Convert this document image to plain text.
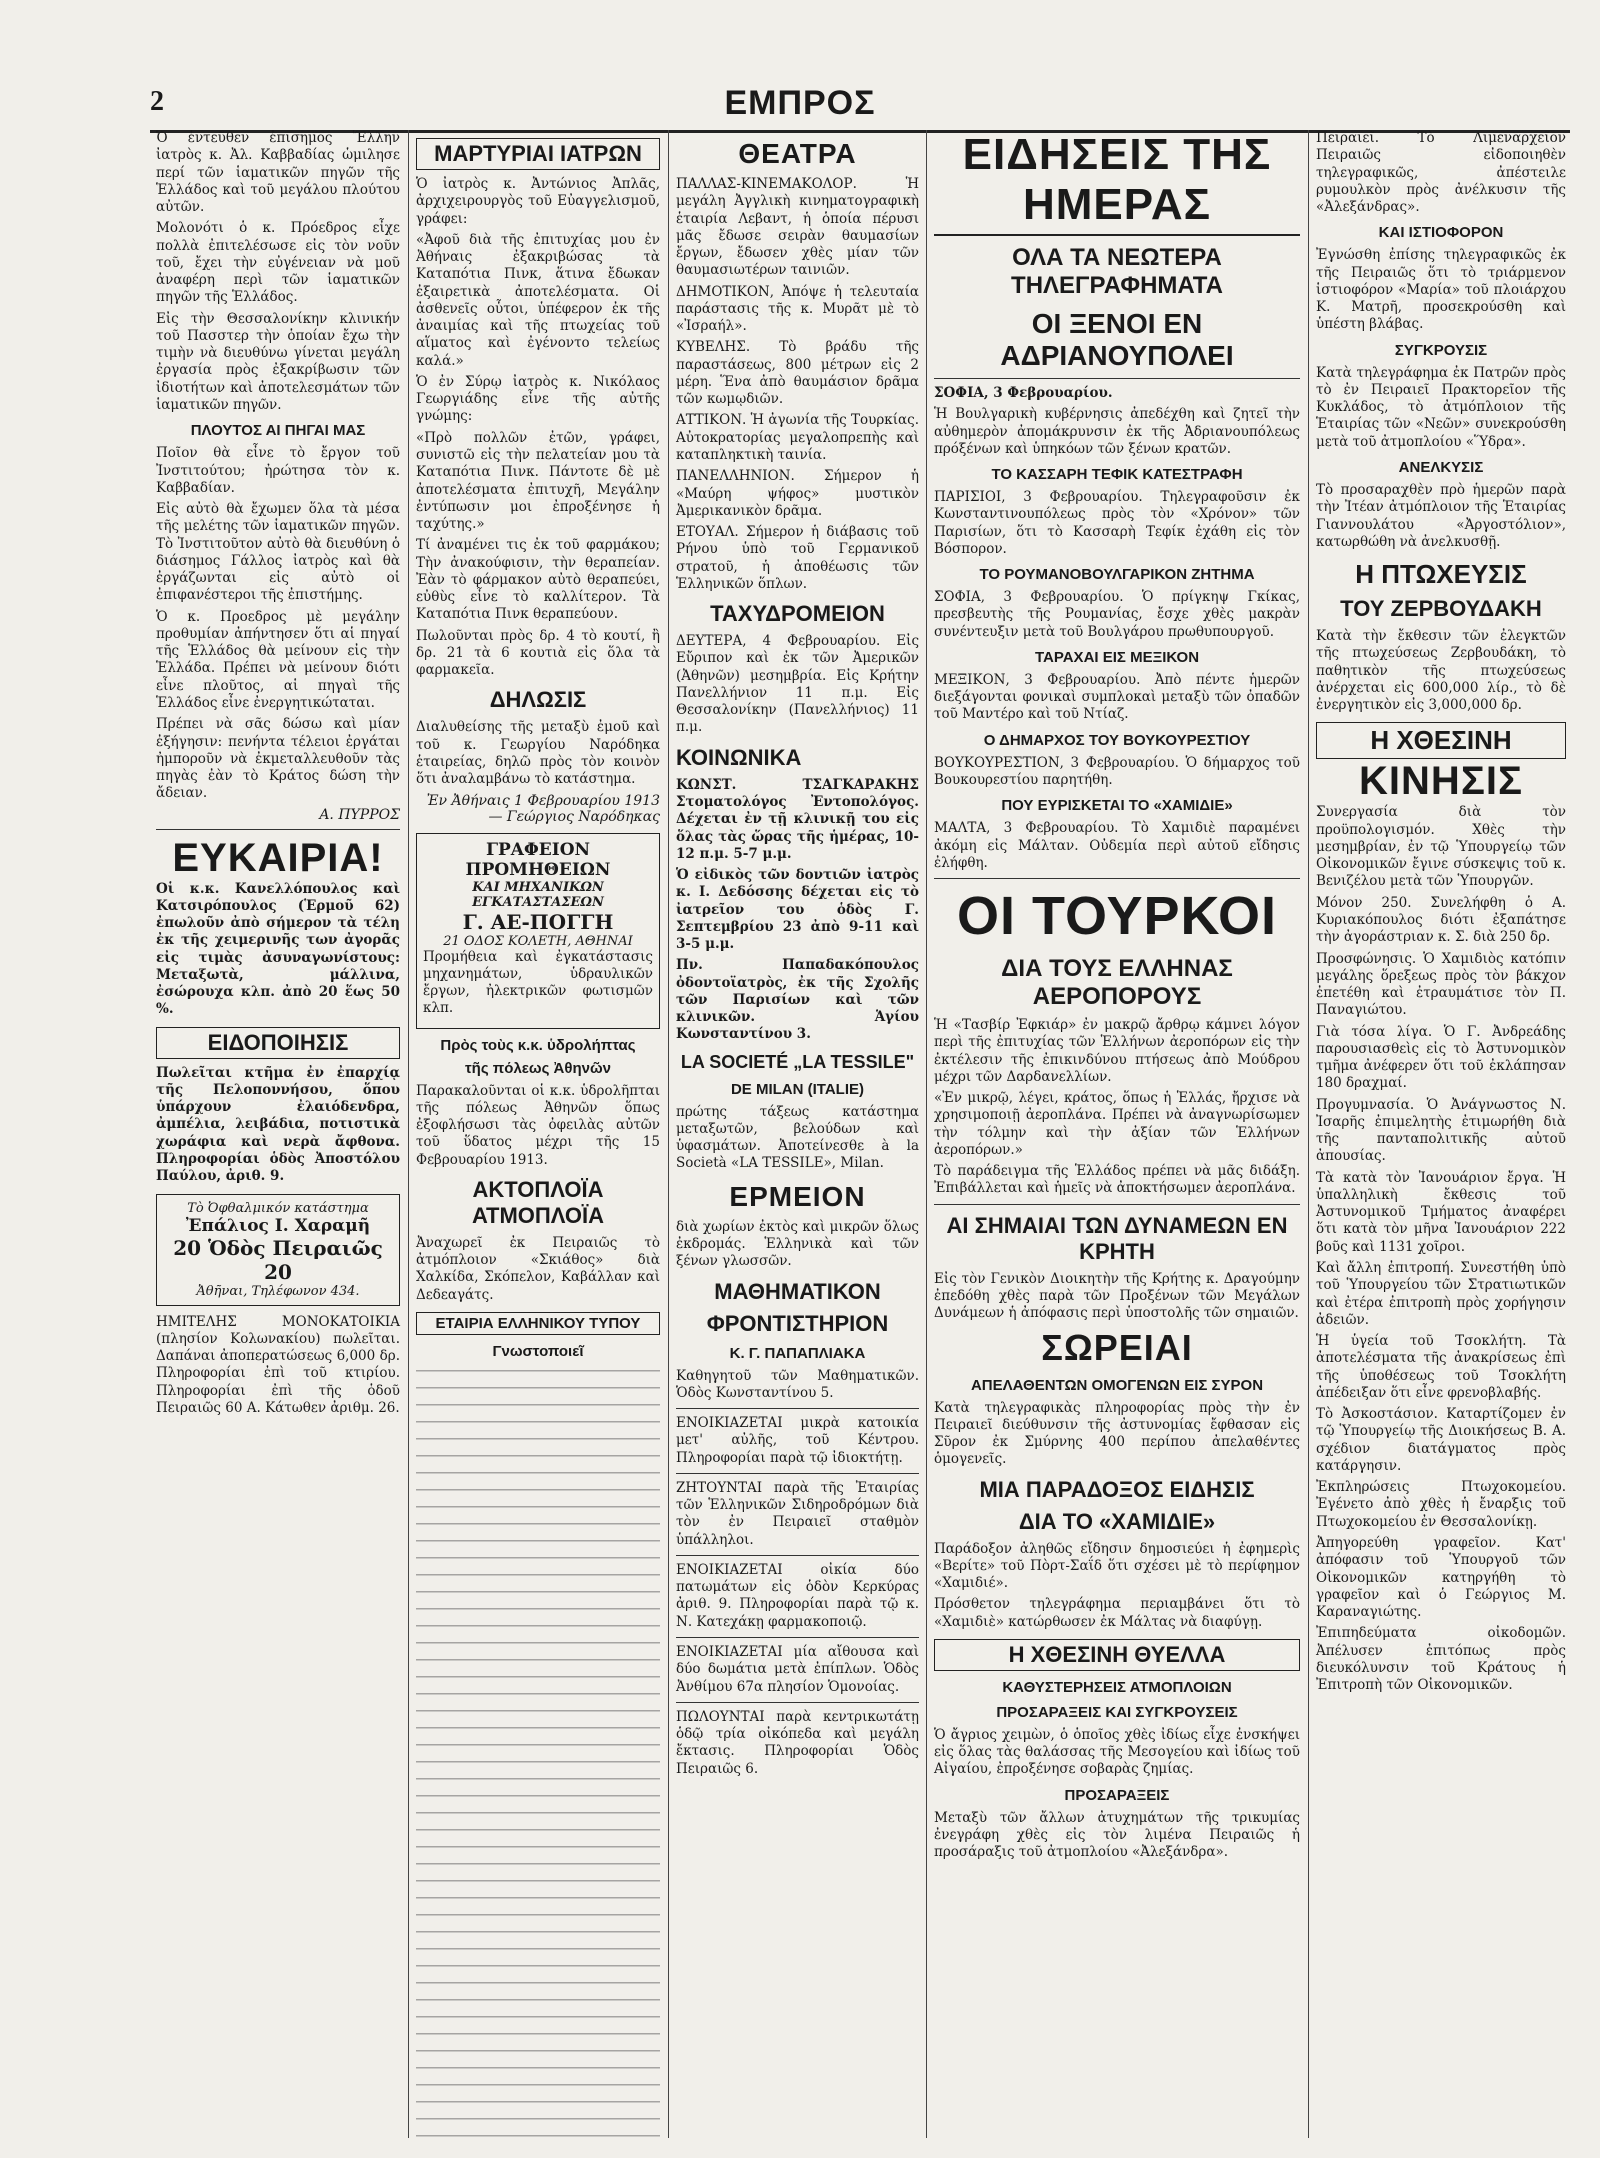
2	ΕΜΠΡΟΣ

Ὁ ἐντεῦθεν ἐπισημος Ἕλλην ἰατρὸς κ. Ἀλ. Καββαδίας ὡμιλησε περί τῶν ἱαματικῶν πηγῶν τῆς Ἑλλάδος καὶ τοῦ μεγάλου πλούτου αὐτῶν.

Μολονότι ὁ κ. Πρόεδρος εἶχε πολλὰ ἐπιτελέσωσε εἰς τὸν νοῦν τοῦ, ἔχει τὴν εὐγένειαν νὰ μοῦ ἀναφέρη περὶ τῶν ἱαματικῶν πηγῶν τῆς Ἑλλάδος.

Εἰς τὴν Θεσσαλονίκην κλινικήν τοῦ Πασστερ τὴν ὁποίαν ἔχω τὴν τιμὴν νὰ διευθύνω γίνεται μεγάλη ἐργασία πρὸς ἐξακρίβωσιν τῶν ἰδιοτήτων καὶ ἀποτελεσμάτων τῶν ἱαματικῶν πηγῶν.

ΠΛΟΥΤΟΣ ΑΙ ΠΗΓΑΙ ΜΑΣ

Ποῖον θὰ εἶνε τὸ ἔργον τοῦ Ἰνστιτούτου; ἠρώτησα τὸν κ. Καββαδίαν.

Εἰς αὐτὸ θὰ ἔχωμεν ὅλα τὰ μέσα τῆς μελέτης τῶν ἱαματικῶν πηγῶν. Τὸ Ἰνστιτοῦτον αὐτὸ θὰ διευθύνη ὁ διάσημος Γάλλος ἰατρὸς καὶ θὰ ἐργάζωνται εἰς αὐτὸ οἱ ἐπιφανέστεροι τῆς ἐπιστήμης.

Ὁ κ. Προεδρος μὲ μεγάλην προθυμίαν ἀπήντησεν ὅτι αἱ πηγαί τῆς Ἑλλάδος θὰ μείνουν εἰς τὴν Ἑλλάδα. Πρέπει νὰ μείνουν διότι εἶνε πλοῦτος, αἱ πηγαὶ τῆς Ἑλλάδος εἶνε ἐνεργητικώταται.

Πρέπει νὰ σᾶς δώσω καὶ μίαν ἐξήγησιν: πενήντα τέλειοι ἐργάται ἠμποροῦν νὰ ἐκμεταλλευθοῦν τὰς πηγὰς ἐὰν τὸ Κράτος δώση τὴν ἄδειαν.

Α. ΠΥΡΡΟΣ
ΕΥΚΑΙΡΙΑ!

Οἱ κ.κ. Κανελλόπουλος καὶ Κατσιρόπουλος (Ἑρμοῦ 62) ἐπωλοῦν ἀπὸ σήμερον τὰ τέλη ἐκ τῆς χειμερινῆς των ἀγορᾶς εἰς τιμὰς ἀσυναγωνίστους: Μεταξωτὰ, μάλλινα, ἐσώρουχα κλπ. ἀπὸ 20 ἕως 50 %.

ΕΙΔΟΠΟΙΗΣΙΣ

Πωλεῖται κτῆμα ἐν ἐπαρχίᾳ τῆς Πελοποννήσου, ὅπου ὑπάρχουν ἐλαιόδενδρα, ἀμπέλια, λειβάδια, ποτιστικὰ χωράφια καὶ νερὰ ἄφθονα. Πληροφορίαι ὁδὸς Ἀποστόλου Παύλου, ἀριθ. 9.

Τὸ Ὀφθαλμικόν κατάστημα
Ἐπάλιος Ι. Χαραμῆ
20 Ὁδὸς Πειραιῶς 20
Ἀθῆναι, Τηλέφωνον 434.

ΗΜΙΤΕΛΗΣ ΜΟΝΟΚΑΤΟΙΚΙΑ (πλησίον Κολωνακίου) πωλεῖται. Δαπάναι ἀποπερατώσεως 6,000 δρ. Πληροφορίαι ἐπὶ τοῦ κτιρίου. Πληροφορίαι ἐπὶ τῆς ὁδοῦ Πειραιῶς 60 Α. Κάτωθεν ἀριθμ. 26.

ΜΑΡΤΥΡΙΑΙ ΙΑΤΡΩΝ

Ὁ ἰατρὸς κ. Ἀντώνιος Ἀπλᾶς, ἀρχιχειρουργὸς τοῦ Εὐαγγελισμοῦ, γράφει:

«Ἀφοῦ διὰ τῆς ἐπιτυχίας μου ἐν Ἀθήναις ἐξακριβώσας τὰ Καταπότια Πινκ, ἅτινα ἔδωκαν ἐξαιρετικὰ ἀποτελέσματα. Οἱ ἀσθενεῖς οὗτοι, ὑπέφερον ἐκ τῆς ἀναιμίας καὶ τῆς πτωχείας τοῦ αἵματος καὶ ἐγένοντο τελείως καλά.»

Ὁ ἐν Σύρῳ ἰατρὸς κ. Νικόλαος Γεωργιάδης εἶνε τῆς αὐτῆς γνώμης:

«Πρὸ πολλῶν ἐτῶν, γράφει, συνιστῶ εἰς τὴν πελατείαν μου τὰ Καταπότια Πινκ. Πάντοτε δὲ μὲ ἀποτελέσματα ἐπιτυχῆ, Μεγάλην ἐντύπωσιν μοι ἐπροξένησε ἡ ταχύτης.»

Τί ἀναμένει τις ἐκ τοῦ φαρμάκου; Τὴν ἀνακούφισιν, τὴν θεραπείαν. Ἐὰν τὸ φάρμακον αὐτὸ θεραπεύει, εὐθὺς εἶνε τὸ καλλίτερον. Τὰ Καταπότια Πινκ θεραπεύουν.

Πωλοῦνται πρὸς δρ. 4 τὸ κουτί, ἢ δρ. 21 τὰ 6 κουτιὰ εἰς ὅλα τὰ φαρμακεῖα.

ΔΗΛΩΣΙΣ

Διαλυθείσης τῆς μεταξὺ ἐμοῦ καὶ τοῦ κ. Γεωργίου Ναρόδηκα ἑταιρείας, δηλῶ πρὸς τὸν κοινὸν ὅτι ἀναλαμβάνω τὸ κατάστημα.

Ἐν Ἀθήναις 1 Φεβρουαρίου 1913 — Γεώργιος Ναρόδηκας
ΓΡΑΦΕΙΟΝ ΠΡΟΜΗΘΕΙΩΝ
ΚΑΙ ΜΗΧΑΝΙΚΩΝ ΕΓΚΑΤΑΣΤΑΣΕΩΝ
Γ. ΑΕ-ΠΟΓΓΗ
21 ΟΔΟΣ ΚΟΛΕΤΗ, ΑΘΗΝΑΙ

Προμήθεια καὶ ἐγκατάστασις μηχανημάτων, ὑδραυλικῶν ἔργων, ἠλεκτρικῶν φωτισμῶν κλπ.

Πρὸς τοὺς κ.κ. ὑδρολήπτας
τῆς πόλεως Ἀθηνῶν

Παρακαλοῦνται οἱ κ.κ. ὑδρολῆπται τῆς πόλεως Ἀθηνῶν ὅπως ἐξοφλήσωσι τὰς ὀφειλὰς αὐτῶν τοῦ ὕδατος μέχρι τῆς 15 Φεβρουαρίου 1913.

ΑΚΤΟΠΛΟΪΑ ΑΤΜΟΠΛΟΪΑ

Ἀναχωρεῖ ἐκ Πειραιῶς τὸ ἀτμόπλοιον «Σκιάθος» διὰ Χαλκίδα, Σκόπελον, Καβάλλαν καὶ Δεδεαγάτς.

ΕΤΑΙΡΙΑ ΕΛΛΗΝΙΚΟΥ ΤΥΠΟΥ
Γνωστοποιεῖ
ΘΕΑΤΡΑ

ΠΑΛΛΑΣ-ΚΙΝΕΜΑΚΟΛΟΡ. Ἡ μεγάλη Ἀγγλικὴ κινηματογραφικὴ ἑταιρία Λεβαντ, ἡ ὁποία πέρυσι μᾶς ἔδωσε σειρὰν θαυμασίων ἔργων, ἔδωσεν χθὲς μίαν τῶν θαυμασιωτέρων ταινιῶν.

ΔΗΜΟΤΙΚΟΝ, Ἀπόψε ἡ τελευταία παράστασις τῆς κ. Μυρᾶτ μὲ τὸ «Ἰσραήλ».

ΚΥΒΕΛΗΣ. Τὸ βράδυ τῆς παραστάσεως, 800 μέτρων εἰς 2 μέρη. Ἕνα ἀπὸ θαυμάσιον δρᾶμα τῶν κωμῳδιῶν.

ΑΤΤΙΚΟΝ. Ἡ ἀγωνία τῆς Τουρκίας. Αὐτοκρατορίας μεγαλοπρεπὴς καὶ καταπληκτικὴ ταινία.

ΠΑΝΕΛΛΗΝΙΟΝ. Σήμερον ἡ «Μαύρη ψήφος» μυστικὸν Ἀμερικανικὸν δρᾶμα.

ΕΤΟΥΑΛ. Σήμερον ἡ διάβασις τοῦ Ρήνου ὑπὸ τοῦ Γερμανικοῦ στρατοῦ, ἡ ἀποθέωσις τῶν Ἑλληνικῶν ὅπλων.

ΤΑΧΥΔΡΟΜΕΙΟΝ

ΔΕΥΤΕΡΑ, 4 Φεβρουαρίου. Εἰς Εὔριπον καὶ ἐκ τῶν Ἀμερικῶν (Ἀθηνῶν) μεσημβρία. Εἰς Κρήτην Πανελλήνιον 11 π.μ. Εἰς Θεσσαλονίκην (Πανελλήνιος) 11 π.μ.

ΚΟΙΝΩΝΙΚΑ

ΚΩΝΣΤ. ΤΣΑΓΚΑΡΑΚΗΣ Στοματολόγος Ἐντοπολόγος. Δέχεται ἐν τῇ κλινικῇ του εἰς ὅλας τὰς ὥρας τῆς ἡμέρας, 10-12 π.μ. 5-7 μ.μ.

Ὁ εἰδικὸς τῶν δοντιῶν ἰατρὸς κ. Ι. Δεδόσσης δέχεται εἰς τὸ ἰατρεῖον του ὁδὸς Γ. Σεπτεμβρίου 23 ἀπὸ 9-11 καὶ 3-5 μ.μ.

Πν. Παπαδακόπουλος ὀδοντοϊατρὸς, ἐκ τῆς Σχολῆς τῶν Παρισίων καὶ τῶν κλινικῶν. Ἁγίου Κωνσταντίνου 3.

LA SOCIETÉ „LA TESSILE"
DE MILAN (ITALIE)

πρώτης τάξεως κατάστημα μεταξωτῶν, βελούδων καὶ ὑφασμάτων. Ἀποτείνεσθε à la Società «LA TESSILE», Milan.

ΕΡΜΕΙΟΝ

διὰ χωρίων ἐκτὸς καὶ μικρῶν ὅλως ἐκδρομάς. Ἑλληνικὰ καὶ τῶν ξένων γλωσσῶν.

ΜΑΘΗΜΑΤΙΚΟΝ
ΦΡΟΝΤΙΣΤΗΡΙΟΝ
Κ. Γ. ΠΑΠΑΠΛΙΑΚΑ

Καθηγητοῦ τῶν Μαθηματικῶν. Ὁδὸς Κωνσταντίνου 5.

ΕΝΟΙΚΙΑΖΕΤΑΙ μικρὰ κατοικία μετ' αὐλῆς, τοῦ Κέντρου. Πληροφορίαι παρὰ τῷ ἰδιοκτήτῃ.

ΖΗΤΟΥΝΤΑΙ παρὰ τῆς Ἐταιρίας τῶν Ἑλληνικῶν Σιδηροδρόμων διὰ τὸν ἐν Πειραιεῖ σταθμὸν ὑπάλληλοι.

ΕΝΟΙΚΙΑΖΕΤΑΙ οἰκία δύο πατωμάτων εἰς ὁδὸν Κερκύρας ἀριθ. 9. Πληροφορίαι παρὰ τῷ κ. Ν. Κατεχάκῃ φαρμακοποιῷ.

ΕΝΟΙΚΙΑΖΕΤΑΙ μία αἴθουσα καὶ δύο δωμάτια μετὰ ἐπίπλων. Ὁδὸς Ἀνθίμου 67α πλησίον Ὁμονοίας.

ΠΩΛΟΥΝΤΑΙ παρὰ κεντρικωτάτῃ ὁδῷ τρία οἰκόπεδα καὶ μεγάλη ἔκτασις. Πληροφορίαι Ὁδὸς Πειραιῶς 6.

ΕΙΔΗΣΕΙΣ ΤΗΣ ΗΜΕΡΑΣ
ΟΛΑ ΤΑ ΝΕΩΤΕΡΑ ΤΗΛΕΓΡΑΦΗΜΑΤΑ
ΟΙ ΞΕΝΟΙ ΕΝ ΑΔΡΙΑΝΟΥΠΟΛΕΙ

ΣΟΦΙΑ, 3 Φεβρουαρίου.

Ἡ Βουλγαρικὴ κυβέρνησις ἀπεδέχθη καὶ ζητεῖ τὴν αὐθημερὸν ἀπομάκρυνσιν ἐκ τῆς Ἀδριανουπόλεως πρόξένων καὶ ὑπηκόων τῶν ξένων κρατῶν.

ΤΟ ΚΑΣΣΑΡΗ ΤΕΦΙΚ ΚΑΤΕΣΤΡΑΦΗ

ΠΑΡΙΣΙΟΙ, 3 Φεβρουαρίου. Τηλεγραφοῦσιν ἐκ Κωνσταντινουπόλεως πρὸς τὸν «Χρόνον» τῶν Παρισίων, ὅτι τὸ Κασσαρὴ Τεφίκ ἐχάθη εἰς τὸν Βόσπορον.

ΤΟ ΡΟΥΜΑΝΟΒΟΥΛΓΑΡΙΚΟΝ ΖΗΤΗΜΑ

ΣΟΦΙΑ, 3 Φεβρουαρίου. Ὁ πρίγκηψ Γκίκας, πρεσβευτὴς τῆς Ρουμανίας, ἔσχε χθὲς μακρὰν συνέντευξιν μετὰ τοῦ Βουλγάρου πρωθυπουργοῦ.

ΤΑΡΑΧΑΙ ΕΙΣ ΜΕΞΙΚΟΝ

ΜΕΞΙΚΟΝ, 3 Φεβρουαρίου. Ἀπὸ πέντε ἡμερῶν διεξάγονται φονικαὶ συμπλοκαὶ μεταξὺ τῶν ὀπαδῶν τοῦ Μαντέρο καὶ τοῦ Ντίαζ.

Ο ΔΗΜΑΡΧΟΣ ΤΟΥ ΒΟΥΚΟΥΡΕΣΤΙΟΥ

ΒΟΥΚΟΥΡΕΣΤΙΟΝ, 3 Φεβρουαρίου. Ὁ δήμαρχος τοῦ Βουκουρεστίου παρητήθη.

ΠΟΥ ΕΥΡΙΣΚΕΤΑΙ ΤΟ «ΧΑΜΙΔΙΕ»

ΜΑΛΤΑ, 3 Φεβρουαρίου. Τὸ Χαμιδιὲ παραμένει ἀκόμη εἰς Μάλταν. Οὐδεμία περὶ αὐτοῦ εἴδησις ἐλήφθη.

ΟΙ ΤΟΥΡΚΟΙ
ΔΙΑ ΤΟΥΣ ΕΛΛΗΝΑΣ ΑΕΡΟΠΟΡΟΥΣ

Ἡ «Τασβίρ Ἐφκιάρ» ἐν μακρῷ ἄρθρῳ κάμνει λόγον περὶ τῆς ἐπιτυχίας τῶν Ἑλλήνων ἀεροπόρων εἰς τὴν ἐκτέλεσιν τῆς ἐπικινδύνου πτήσεως ἀπὸ Μούδρου μέχρι τῶν Δαρδανελλίων.

«Ἐν μικρῷ, λέγει, κράτος, ὅπως ἡ Ἑλλάς, ἤρχισε νὰ χρησιμοποιῇ ἀεροπλάνα. Πρέπει νὰ ἀναγνωρίσωμεν τὴν τόλμην καὶ τὴν ἀξίαν τῶν Ἑλλήνων ἀεροπόρων.»

Τὸ παράδειγμα τῆς Ἑλλάδος πρέπει νὰ μᾶς διδάξη. Ἐπιβάλλεται καὶ ἡμεῖς νὰ ἀποκτήσωμεν ἀεροπλάνα.

ΑΙ ΣΗΜΑΙΑΙ ΤΩΝ ΔΥΝΑΜΕΩΝ ΕΝ ΚΡΗΤΗ

Εἰς τὸν Γενικὸν Διοικητὴν τῆς Κρήτης κ. Δραγούμην ἐπεδόθη χθὲς παρὰ τῶν Προξένων τῶν Μεγάλων Δυνάμεων ἡ ἀπόφασις περὶ ὑποστολῆς τῶν σημαιῶν.

ΣΩΡΕΙΑΙ
ΑΠΕΛΑΘΕΝΤΩΝ ΟΜΟΓΕΝΩΝ ΕΙΣ ΣΥΡΟΝ

Κατὰ τηλεγραφικὰς πληροφορίας πρὸς τὴν ἐν Πειραιεῖ διεύθυνσιν τῆς ἀστυνομίας ἔφθασαν εἰς Σῦρον ἐκ Σμύρνης 400 περίπου ἀπελαθέντες ὁμογενεῖς.

ΜΙΑ ΠΑΡΑΔΟΞΟΣ ΕΙΔΗΣΙΣ
ΔΙΑ ΤΟ «ΧΑΜΙΔΙΕ»

Παράδοξον ἀληθῶς εἴδησιν δημοσιεύει ἡ ἐφημερὶς «Βερίτε» τοῦ Πὸρτ-Σαΐδ ὅτι σχέσει μὲ τὸ περίφημον «Χαμιδιέ».

Πρόσθετον τηλεγράφημα περιαμβάνει ὅτι τὸ «Χαμιδιὲ» κατώρθωσεν ἐκ Μάλτας νὰ διαφύγῃ.

Η ΧΘΕΣΙΝΗ ΘΥΕΛΛΑ
ΚΑΘΥΣΤΕΡΗΣΕΙΣ ΑΤΜΟΠΛΟΙΩΝ
ΠΡΟΣΑΡΑΞΕΙΣ ΚΑΙ ΣΥΓΚΡΟΥΣΕΙΣ

Ὁ ἄγριος χειμὼν, ὁ ὁποῖος χθὲς ἰδίως εἶχε ἐνσκήψει εἰς ὅλας τὰς θαλάσσας τῆς Μεσογείου καὶ ἰδίως τοῦ Αἰγαίου, ἐπροξένησε σοβαρὰς ζημίας.

ΠΡΟΣΑΡΑΞΕΙΣ

Μεταξὺ τῶν ἄλλων ἀτυχημάτων τῆς τρικυμίας ἐνεγράφη χθὲς εἰς τὸν λιμένα Πειραιῶς ἡ προσάραξις τοῦ ἀτμοπλοίου «Ἀλεξάνδρα».

Πειραιεῖ. Τὸ Λιμεναρχεῖον Πειραιῶς εἰδοποιηθὲν τηλεγραφικῶς, ἀπέστειλε ρυμουλκὸν πρὸς ἀνέλκυσιν τῆς «Ἀλεξάνδρας».

ΚΑΙ ΙΣΤΙΟΦΟΡΟΝ

Ἐγνώσθη ἐπίσης τηλεγραφικῶς ἐκ τῆς Πειραιῶς ὅτι τὸ τριάρμενον ἱστιοφόρον «Μαρία» τοῦ πλοιάρχου Κ. Ματρῆ, προσεκρούσθη καὶ ὑπέστη βλάβας.

ΣΥΓΚΡΟΥΣΙΣ

Κατὰ τηλεγράφημα ἐκ Πατρῶν πρὸς τὸ ἐν Πειραιεῖ Πρακτορεῖον τῆς Κυκλάδος, τὸ ἀτμόπλοιον τῆς Ἑταιρίας τῶν «Νεῶν» συνεκρούσθη μετὰ τοῦ ἀτμοπλοίου «Ὕδρα».

ΑΝΕΛΚΥΣΙΣ

Τὸ προσαραχθὲν πρὸ ἡμερῶν παρὰ τὴν Ἰτέαν ἀτμόπλοιον τῆς Ἑταιρίας Γιαννουλάτου «Ἀργοστόλιον», κατωρθώθη νὰ ἀνελκυσθῇ.

Η ΠΤΩΧΕΥΣΙΣ
ΤΟΥ ΖΕΡΒΟΥΔΑΚΗ

Κατὰ τὴν ἔκθεσιν τῶν ἐλεγκτῶν τῆς πτωχεύσεως Ζερβουδάκη, τὸ παθητικὸν τῆς πτωχεύσεως ἀνέρχεται εἰς 600,000 λίρ., τὸ δὲ ἐνεργητικὸν εἰς 3,000,000 δρ.

Η ΧΘΕΣΙΝΗ
ΚΙΝΗΣΙΣ

Συνεργασία διὰ τὸν προϋπολογισμόν. Χθὲς τὴν μεσημβρίαν, ἐν τῷ Ὑπουργείῳ τῶν Οἰκονομικῶν ἔγινε σύσκεψις τοῦ κ. Βενιζέλου μετὰ τῶν Ὑπουργῶν.

Μόνον 250. Συνελήφθη ὁ Α. Κυριακόπουλος διότι ἐξαπάτησε τὴν ἀγοράστριαν κ. Σ. διὰ 250 δρ.

Προσφώνησις. Ὁ Χαμιδιὸς κατόπιν μεγάλης ὅρεξεως πρὸς τὸν βάκχον ἐπετέθη καὶ ἐτραυμάτισε τὸν Π. Παναγιώτου.

Γιὰ τόσα λίγα. Ὁ Γ. Ἀνδρεάδης παρουσιασθεὶς εἰς τὸ Ἀστυνομικὸν τμῆμα ἀνέφερεν ὅτι τοῦ ἐκλάπησαν 180 δραχμαί.

Προγυμνασία. Ὁ Ἀνάγνωστος Ν. Ἰσαρῆς ἐπιμελητὴς ἐτιμωρήθη διὰ τῆς πανταπολιτικῆς αὐτοῦ ἀπουσίας.

Τὰ κατὰ τὸν Ἰανουάριον ἔργα. Ἡ ὑπαλληλικὴ ἔκθεσις τοῦ Ἀστυνομικοῦ Τμήματος ἀναφέρει ὅτι κατὰ τὸν μῆνα Ἰανουάριον 222 βοῦς καὶ 1131 χοῖροι.

Καὶ ἄλλη ἐπιτροπή. Συνεστήθη ὑπὸ τοῦ Ὑπουργείου τῶν Στρατιωτικῶν καὶ ἐτέρα ἐπιτροπὴ πρὸς χορήγησιν ἀδειῶν.

Ἡ ὑγεία τοῦ Τσοκλήτη. Τὰ ἀποτελέσματα τῆς ἀνακρίσεως ἐπὶ τῆς ὑποθέσεως τοῦ Τσοκλήτη ἀπέδειξαν ὅτι εἶνε φρενοβλαβής.

Τὸ Ἀσκοστάσιον. Καταρτίζομεν ἐν τῷ Ὑπουργείῳ τῆς Διοικήσεως Β. Α. σχέδιον διατάγματος πρὸς κατάργησιν.

Ἐκπληρώσεις Πτωχοκομείου. Ἐγένετο ἀπὸ χθὲς ἡ ἔναρξις τοῦ Πτωχοκομείου ἐν Θεσσαλονίκῃ.

Ἀπηγορεύθη γραφεῖον. Κατ' ἀπόφασιν τοῦ Ὑπουργοῦ τῶν Οἰκονομικῶν κατηργήθη τὸ γραφεῖον καὶ ὁ Γεώργιος Μ. Καραναγιώτης.

Ἐπιπηδεύματα οἰκοδομῶν. Ἀπέλυσεν ἐπιτόπως πρὸς διευκόλυνσιν τοῦ Κράτους ἡ Ἐπιτροπὴ τῶν Οἰκονομικῶν.
